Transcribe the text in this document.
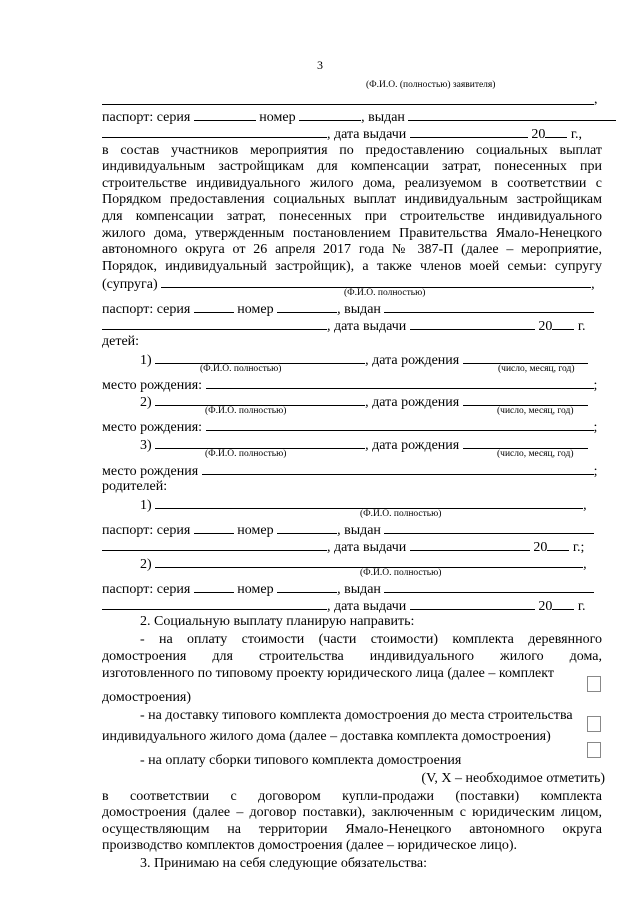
3
(Ф.И.О. (полностью) заявителя)
,
паспорт: серия	номер	, выдан
, дата выдачи	20 г.,
в состав участников мероприятия по предоставлению социальных выплат
индивидуальным застройщикам для компенсации затрат, понесенных при
строительстве индивидуального жилого дома, реализуемом в соответствии с
Порядком предоставления социальных выплат индивидуальным застройщикам
для компенсации затрат, понесенных при строительстве индивидуального
жилого дома, утвержденным постановлением Правительства Ямало-Ненецкого
автономного округа от 26 апреля 2017 года № 387-П (далее – мероприятие,
Порядок, индивидуальный застройщик), а также членов моей семьи: супругу
(супруга)	,
(Ф.И.О. полностью)
паспорт: серия	номер	, выдан
, дата выдачи	20 г.
детей:
1)	, дата рождения
(Ф.И.О. полностью)	(число, месяц, год)
место рождения:	;
2)	, дата рождения
(Ф.И.О. полностью)	(число, месяц, год)
место рождения:	;
3)	, дата рождения
(Ф.И.О. полностью)	(число, месяц, год)
место рождения	;
родителей:
1)	,
(Ф.И.О. полностью)
паспорт: серия	номер	, выдан
, дата выдачи	20 г.;
2)	,
(Ф.И.О. полностью)
паспорт: серия	номер	, выдан
, дата выдачи	20 г.
2. Социальную выплату планирую направить:
- на оплату стоимости (части стоимости) комплекта деревянного
домостроения для строительства индивидуального жилого дома,
изготовленного по типовому проекту юридического лица (далее – комплект
домостроения)
- на доставку типового комплекта домостроения до места строительства
индивидуального жилого дома (далее – доставка комплекта домостроения)
- на оплату сборки типового комплекта домостроения
(V, X – необходимое отметить)
в соответствии с договором купли-продажи (поставки) комплекта
домостроения (далее – договор поставки), заключенным с юридическим лицом,
осуществляющим на территории Ямало-Ненецкого автономного округа
производство комплектов домостроения (далее – юридическое лицо).
3. Принимаю на себя следующие обязательства:
